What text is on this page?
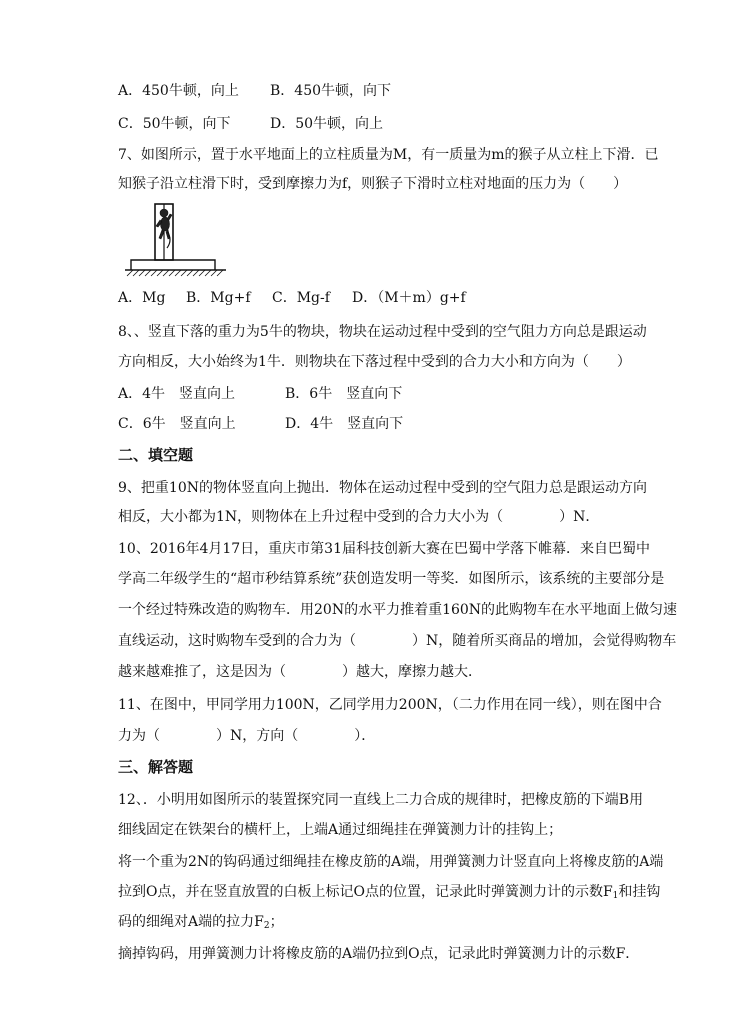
A．450牛顿，向上 B．450牛顿，向下
C．50牛顿，向下	D．50牛顿，向上
7、如图所示，置于水平地面上的立柱质量为M，有一质量为m的猴子从立柱上下滑．已
知猴子沿立柱滑下时，受到摩擦力为f，则猴子下滑时立柱对地面的压力为（　　）
A．Mg B．Mg+f C．Mg-f D．（M＋m）g+f
8、、竖直下落的重力为5牛的物块，物块在运动过程中受到的空气阻力方向总是跟运动
方向相反，大小始终为1牛．则物块在下落过程中受到的合力大小和方向为（　　）
A．4牛　竖直向上	B．6牛　竖直向下
C．6牛　竖直向上	D．4牛　竖直向下
二、填空题
9、把重10N的物体竖直向上抛出．物体在运动过程中受到的空气阻力总是跟运动方向
相反，大小都为1N，则物体在上升过程中受到的合力大小为（　　　　）N．
10、2016年4月17日，重庆市第31届科技创新大赛在巴蜀中学落下帷幕．来自巴蜀中
学高二年级学生的“超市秒结算系统”获创造发明一等奖．如图所示，该系统的主要部分是
一个经过特殊改造的购物车．用20N的水平力推着重160N的此购物车在水平地面上做匀速
直线运动，这时购物车受到的合力为（　　　　）N，随着所买商品的增加，会觉得购物车
越来越难推了，这是因为（　　　　）越大，摩擦力越大．
11、在图中，甲同学用力100N，乙同学用力200N，（二力作用在同一线），则在图中合
力为（　　　　）N，方向（　　　　）．
三、解答题
12、．小明用如图所示的装置探究同一直线上二力合成的规律时，把橡皮筋的下端B用
细线固定在铁架台的横杆上，上端A通过细绳挂在弹簧测力计的挂钩上；
将一个重为2N的钩码通过细绳挂在橡皮筋的A端，用弹簧测力计竖直向上将橡皮筋的A端
拉到O点，并在竖直放置的白板上标记O点的位置，记录此时弹簧测力计的示数$F_1$和挂钩
码的细绳对A端的拉力$F_2$；
摘掉钩码，用弹簧测力计将橡皮筋的A端仍拉到O点，记录此时弹簧测力计的示数F．
